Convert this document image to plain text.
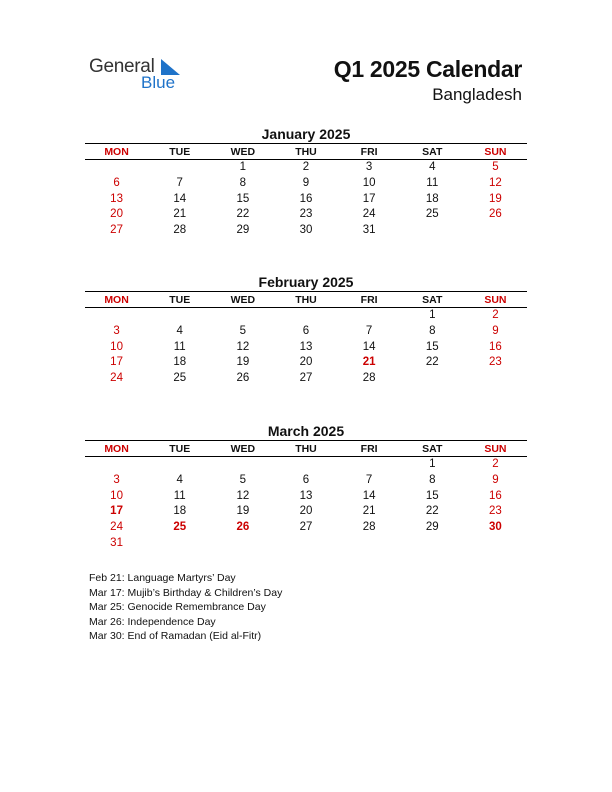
General
Blue
Q1 2025 Calendar
Bangladesh
January 2025
MON	TUE	WED	THU	FRI	SAT	SUN
		1	2	3	4	5
6	7	8	9	10	11	12
13	14	15	16	17	18	19
20	21	22	23	24	25	26
27	28	29	30	31		
February 2025
MON	TUE	WED	THU	FRI	SAT	SUN
					1	2
3	4	5	6	7	8	9
10	11	12	13	14	15	16
17	18	19	20	21	22	23
24	25	26	27	28		
March 2025
MON	TUE	WED	THU	FRI	SAT	SUN
					1	2
3	4	5	6	7	8	9
10	11	12	13	14	15	16
17	18	19	20	21	22	23
24	25	26	27	28	29	30
31						
Feb 21: Language Martyrs’ Day
Mar 17: Mujib’s Birthday & Children’s Day
Mar 25: Genocide Remembrance Day
Mar 26: Independence Day
Mar 30: End of Ramadan (Eid al-Fitr)
